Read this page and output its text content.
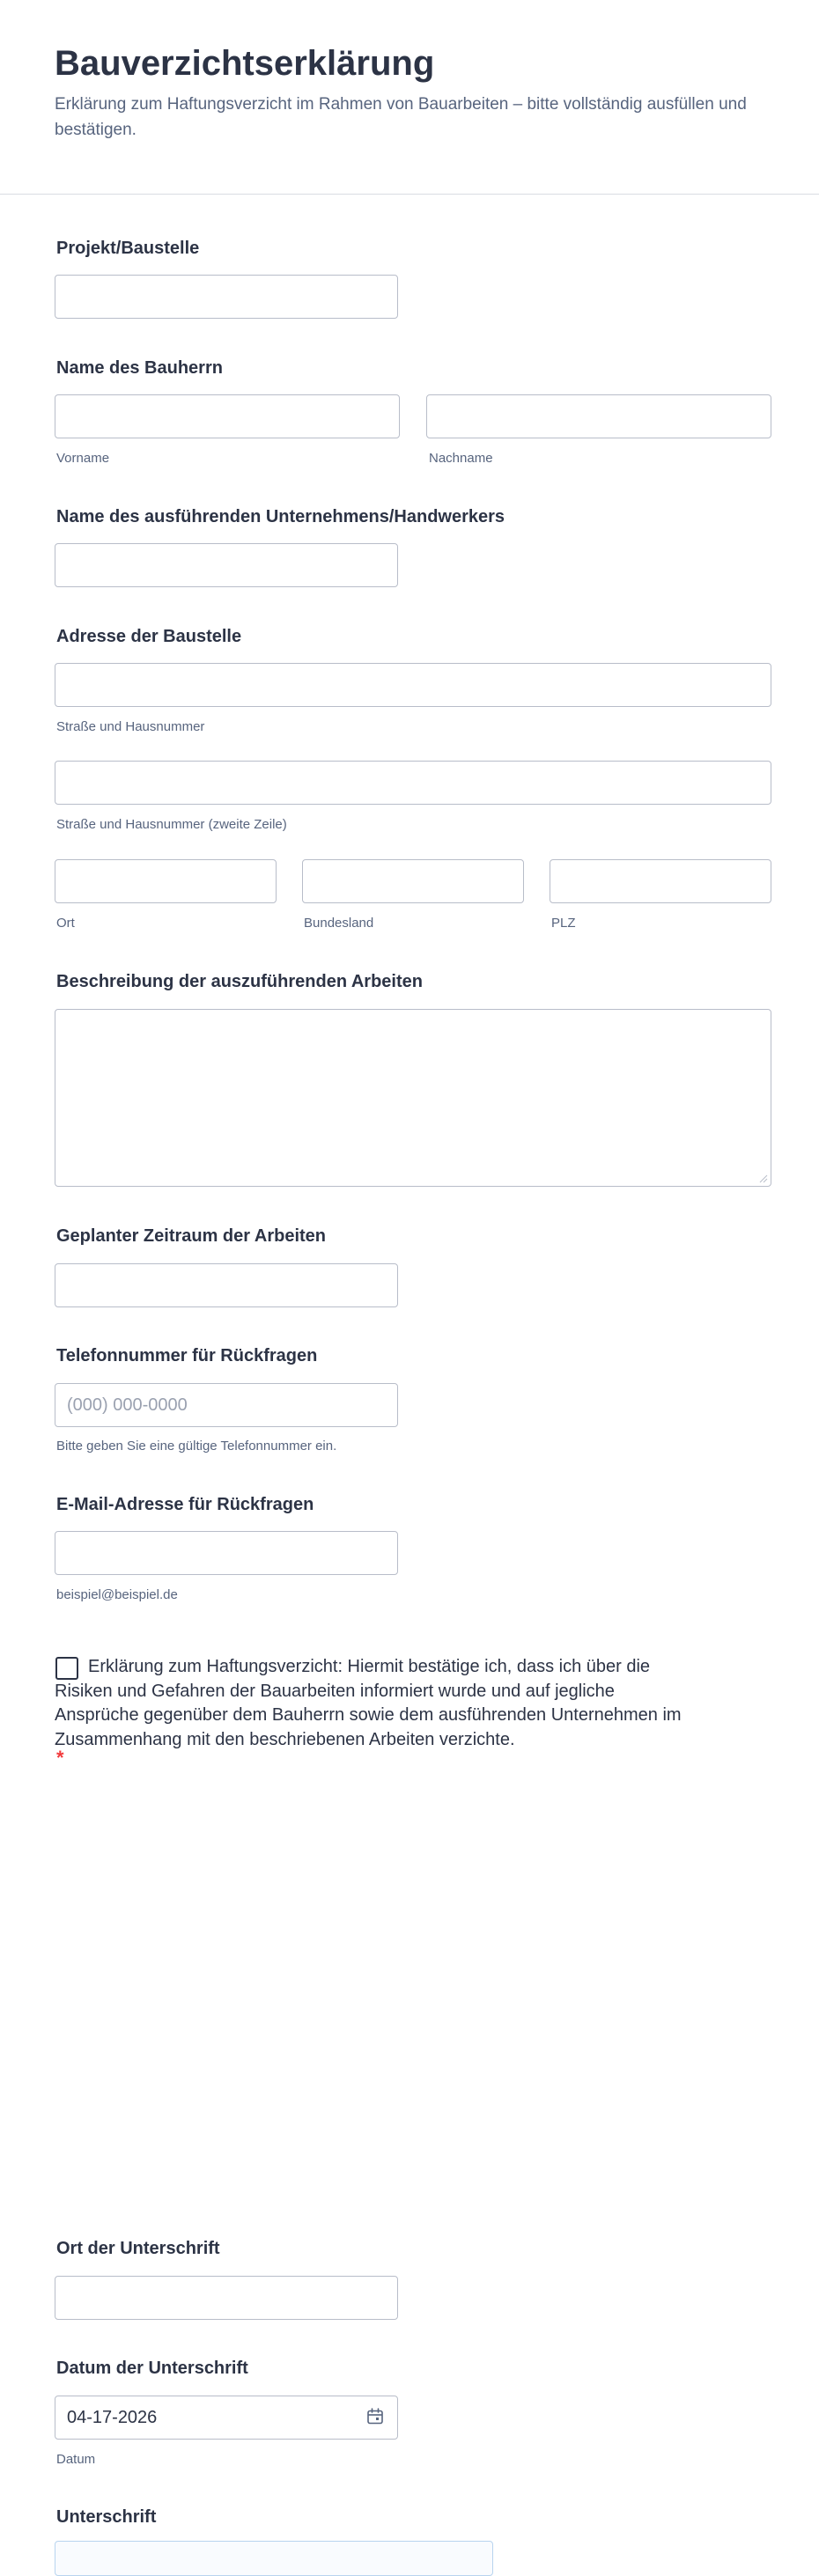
Bauverzichtserklärung

Erklärung zum Haftungsverzicht im Rahmen von Bauarbeiten – bitte vollständig ausfüllen und bestätigen.

Projekt/Baustelle
Name des Bauherrn
Vorname	Nachname
Name des ausführenden Unternehmens/Handwerkers
Adresse der Baustelle
Straße und Hausnummer
Straße und Hausnummer (zweite Zeile)
Ort	Bundesland	PLZ
Beschreibung der auszuführenden Arbeiten
Geplanter Zeitraum der Arbeiten
Telefonnummer für Rückfragen
(000) 000-0000
Bitte geben Sie eine gültige Telefonnummer ein.
E-Mail-Adresse für Rückfragen
beispiel@beispiel.de
Erklärung zum Haftungsverzicht: Hiermit bestätige ich, dass ich über die Risiken und Gefahren der Bauarbeiten informiert wurde und auf jegliche Ansprüche gegenüber dem Bauherrn sowie dem ausführenden Unternehmen im Zusammenhang mit den beschriebenen Arbeiten verzichte.
*
Ort der Unterschrift
Datum der Unterschrift
04-17-2026
Datum
Unterschrift
